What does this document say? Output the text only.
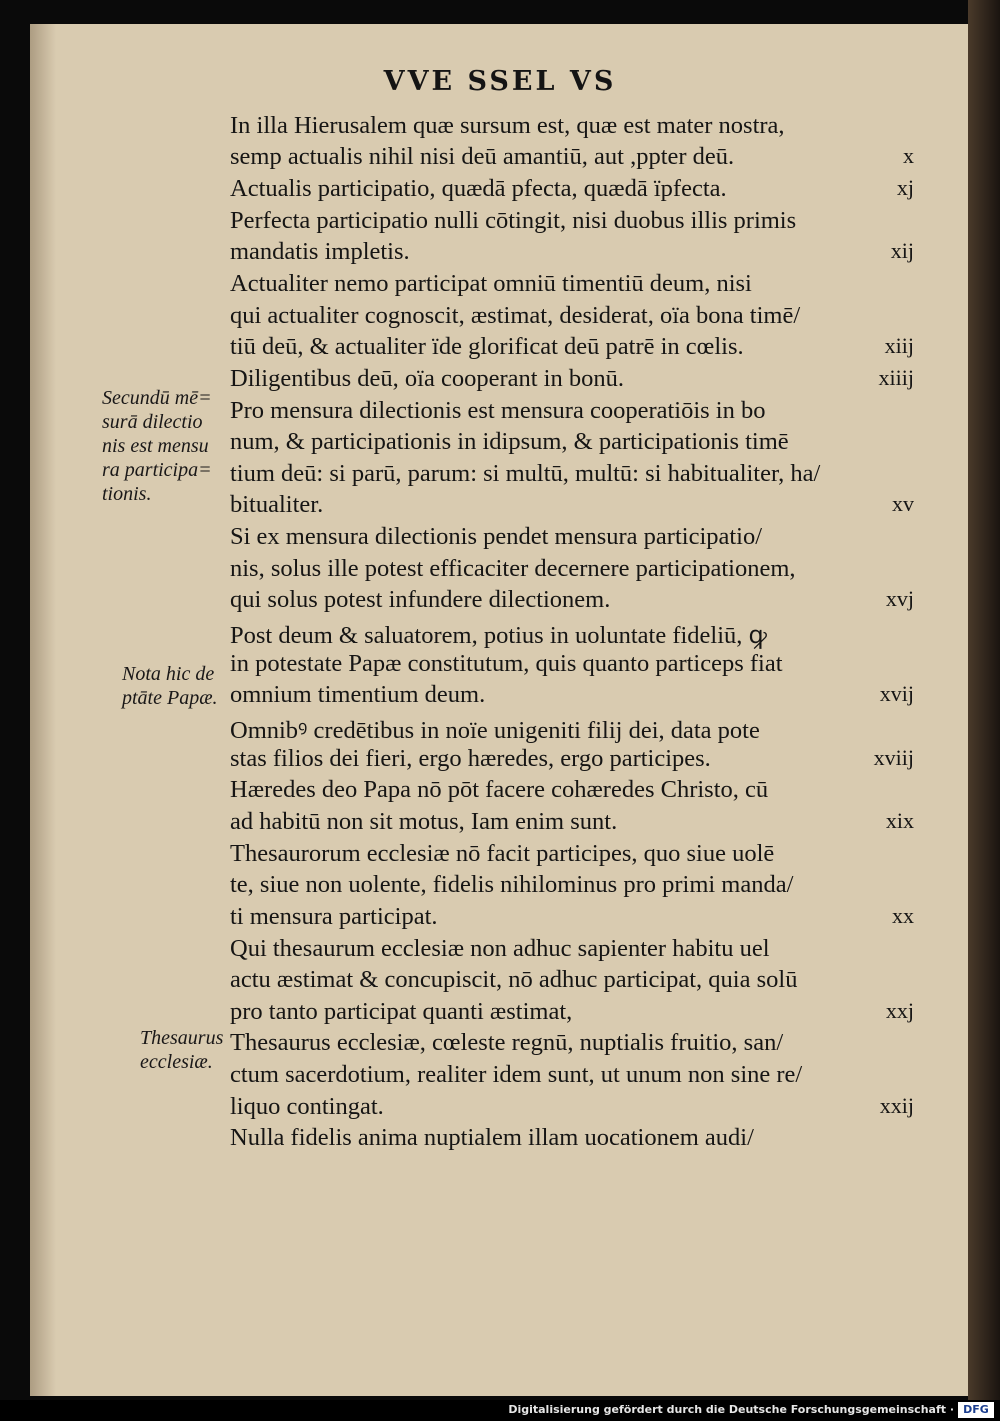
VVE SSEL VS
In illa Hierusalem quæ sursum est, quæ est mater nostra,
semp actualis nihil nisi deū amantiū, aut ,ppter deū.	x
Actualis participatio, quædā pfecta, quædā ïpfecta.	xj
Perfecta participatio nulli cōtingit, nisi duobus illis primis
mandatis impletis.	xij
Actualiter nemo participat omniū timentiū deum, nisi
qui actualiter cognoscit, æstimat, desiderat, oïa bona timē/
tiū deū, & actualiter ïde glorificat deū patrē in cœlis.	xiij
Diligentibus deū, oïa cooperant in bonū.	xiiij
Pro mensura dilectionis est mensura cooperatiōis in bo
num, & participationis in idipsum, & participationis timē
tium deū: si parū, parum: si multū, multū: si habitualiter, ha/
bitualiter.	xv
Si ex mensura dilectionis pendet mensura participatio/
nis, solus ille potest efficaciter decernere participationem,
qui solus potest infundere dilectionem.	xvj
Post deum & saluatorem, potius in uoluntate fideliū, ꝙ
in potestate Papæ constitutum, quis quanto particeps fiat
omnium timentium deum.	xvij
Omnibꝰ credētibus in noïe unigeniti filij dei, data pote
stas filios dei fieri, ergo hæredes, ergo participes.	xviij
Hæredes deo Papa nō pōt facere cohæredes Christo, cū
ad habitū non sit motus, Iam enim sunt.	xix
Thesaurorum ecclesiæ nō facit participes, quo siue uolē
te, siue non uolente, fidelis nihilominus pro primi manda/
ti mensura participat.	xx
Qui thesaurum ecclesiæ non adhuc sapienter habitu uel
actu æstimat & concupiscit, nō adhuc participat, quia solū
pro tanto participat quanti æstimat,	xxj
Thesaurus ecclesiæ, cœleste regnū, nuptialis fruitio, san/
ctum sacerdotium, realiter idem sunt, ut unum non sine re/
liquo contingat.	xxij
Nulla fidelis anima nuptialem illam uocationem audi/
Secundū mē=
surā dilectio
nis est mensu
ra participa=
tionis.
Nota hic de
ptāte Papæ.
Thesaurus
ecclesiæ.
Digitalisierung gefördert durch die Deutsche Forschungsgemeinschaft · DFG
